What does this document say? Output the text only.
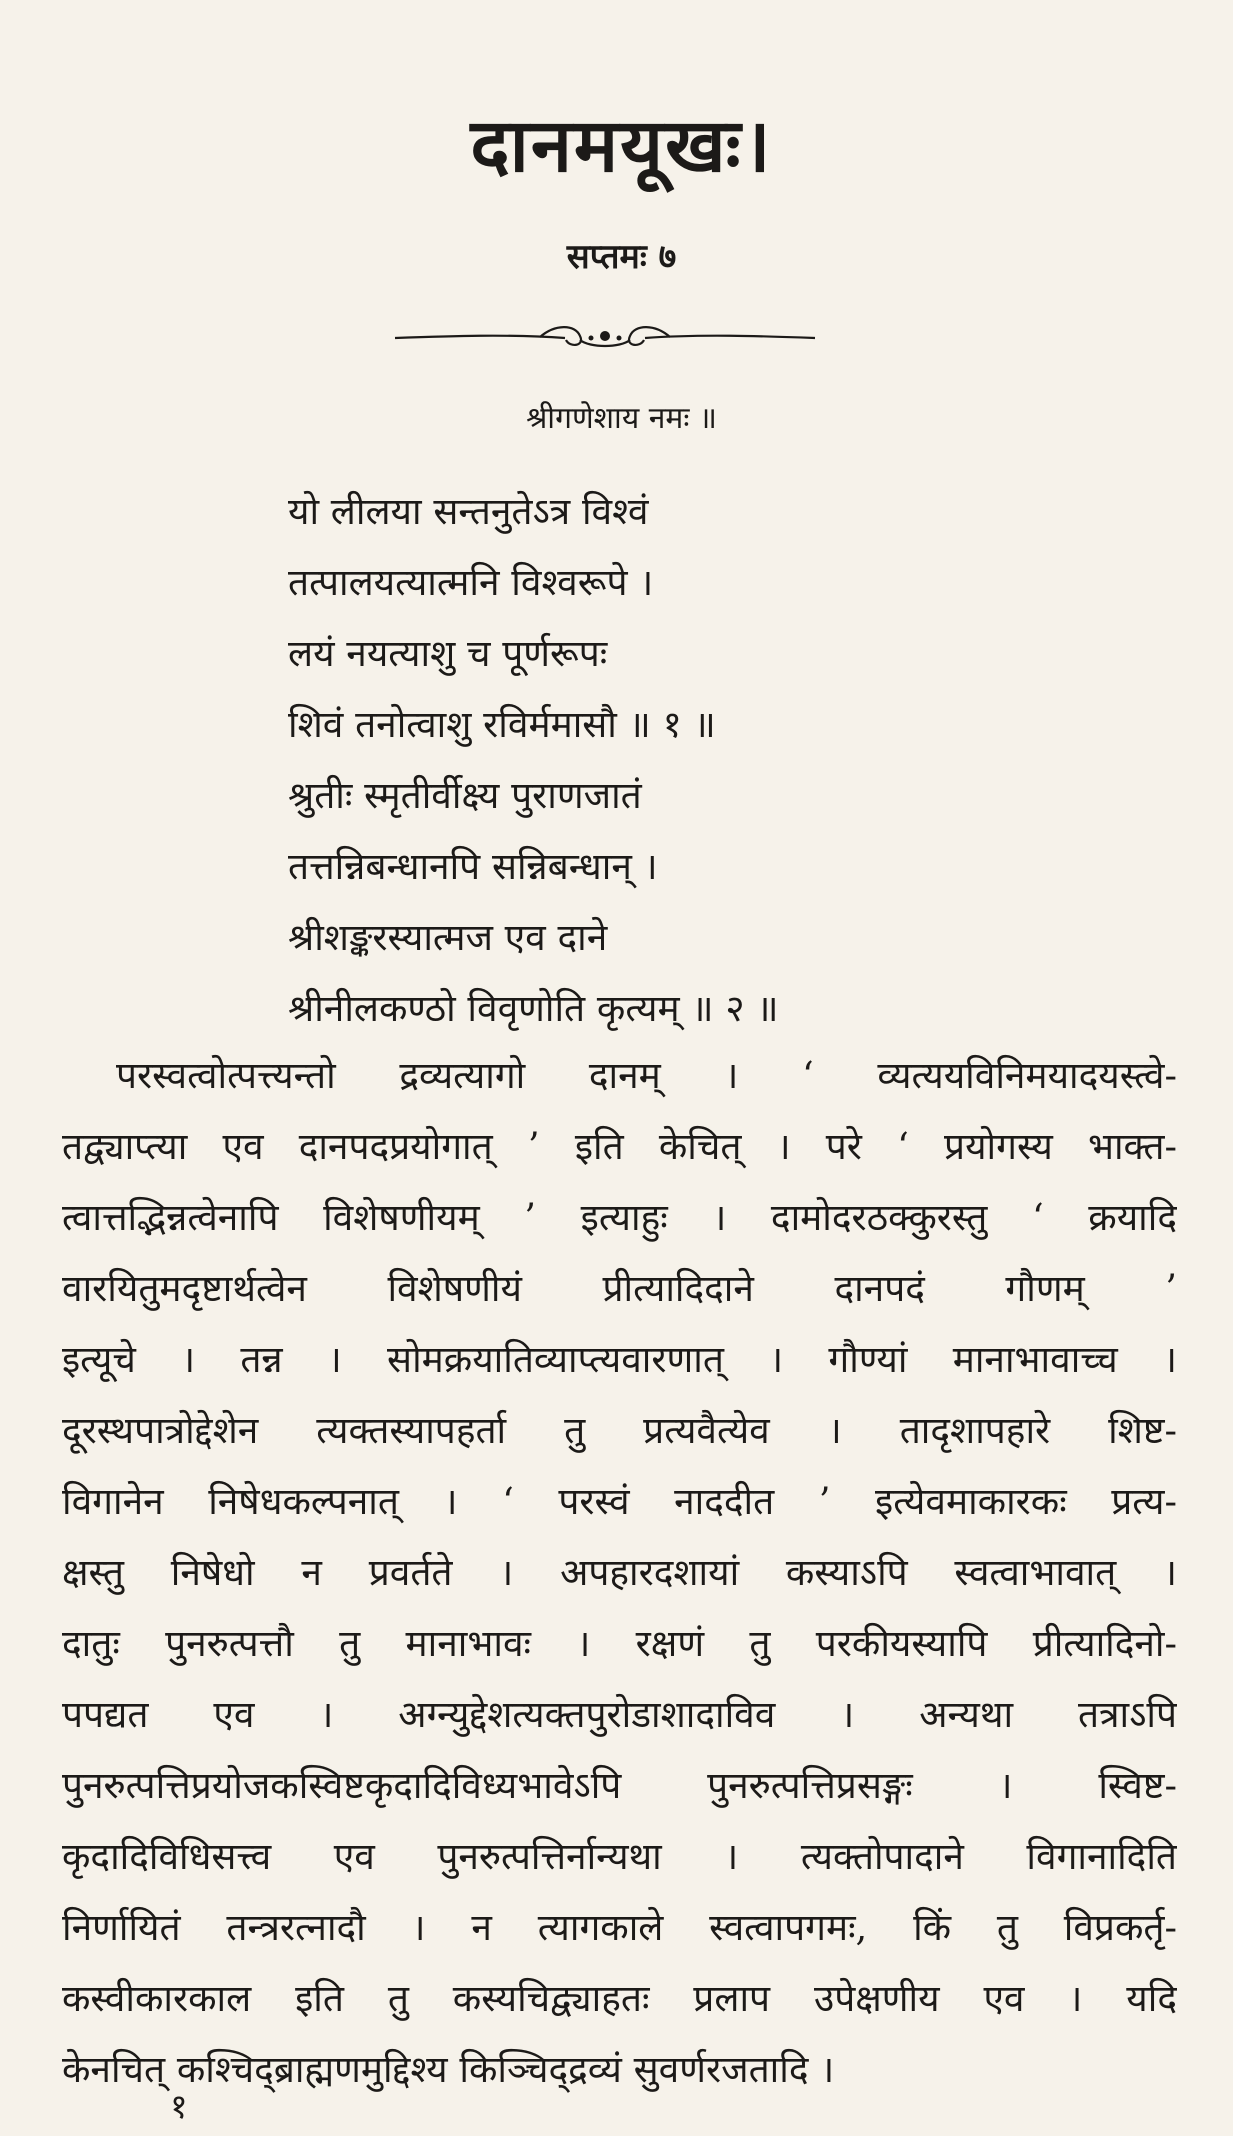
दानमयूखः।
सप्तमः ७
श्रीगणेशाय नमः ॥
यो लीलया सन्तनुतेऽत्र विश्वं
तत्पालयत्यात्मनि विश्वरूपे ।
लयं नयत्याशु च पूर्णरूपः
शिवं तनोत्वाशु रविर्ममासौ ॥ १ ॥
श्रुतीः स्मृतीर्वीक्ष्य पुराणजातं
तत्तन्निबन्धानपि सन्निबन्धान् ।
श्रीशङ्करस्यात्मज एव दाने
श्रीनीलकण्ठो विवृणोति कृत्यम् ॥ २ ॥
परस्वत्वोत्पत्त्यन्तो द्रव्यत्यागो दानम् । ‘ व्यत्ययविनिमयादयस्त्वे-
तद्व्याप्त्या एव दानपदप्रयोगात् ’ इति केचित् । परे ‘ प्रयोगस्य भाक्त-
त्वात्तद्भिन्नत्वेनापि विशेषणीयम् ’ इत्याहुः । दामोदरठक्कुरस्तु ‘ क्रयादि
वारयितुमदृष्टार्थत्वेन विशेषणीयं प्रीत्यादिदाने दानपदं गौणम् ’
इत्यूचे । तन्न । सोमक्रयातिव्याप्त्यवारणात् । गौण्यां मानाभावाच्च ।
दूरस्थपात्रोद्देशेन त्यक्तस्यापहर्ता तु प्रत्यवैत्येव । तादृशापहारे शिष्ट-
विगानेन निषेधकल्पनात् । ‘ परस्वं नाददीत ’ इत्येवमाकारकः प्रत्य-
क्षस्तु निषेधो न प्रवर्तते । अपहारदशायां कस्याऽपि स्वत्वाभावात् ।
दातुः पुनरुत्पत्तौ तु मानाभावः । रक्षणं तु परकीयस्यापि प्रीत्यादिनो-
पपद्यत एव । अग्न्युद्देशत्यक्तपुरोडाशादाविव । अन्यथा तत्राऽपि
पुनरुत्पत्तिप्रयोजकस्विष्टकृदादिविध्यभावेऽपि पुनरुत्पत्तिप्रसङ्गः । स्विष्ट-
कृदादिविधिसत्त्व एव पुनरुत्पत्तिर्नान्यथा । त्यक्तोपादाने विगानादिति
निर्णायितं तन्त्ररत्नादौ । न त्यागकाले स्वत्वापगमः, किं तु विप्रकर्तृ-
कस्वीकारकाल इति तु कस्यचिद्व्याहतः प्रलाप उपेक्षणीय एव । यदि
केनचित् कश्चिद्ब्राह्मणमुद्दिश्य किञ्चिद्द्रव्यं सुवर्णरजतादि ।
१
